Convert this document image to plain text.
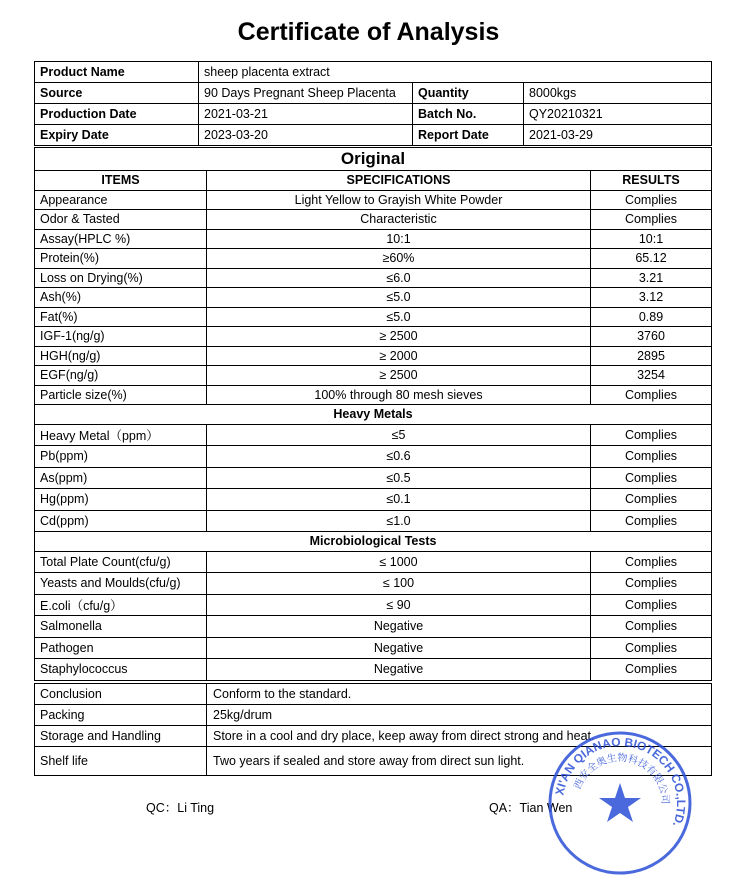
Certificate of Analysis
Product Name	sheep placenta extract		
Source	90 Days Pregnant Sheep Placenta	Quantity	8000kgs
Production Date	2021-03-21	Batch No.	QY20210321
Expiry Date	2023-03-20	Report Date	2021-03-29
Original		
ITEMS	SPECIFICATIONS	RESULTS
Appearance	Light Yellow to Grayish White Powder	Complies
Odor & Tasted	Characteristic	Complies
Assay(HPLC %)	10:1	10:1
Protein(%)	≥60%	65.12
Loss on Drying(%)	≤6.0	3.21
Ash(%)	≤5.0	3.12
Fat(%)	≤5.0	0.89
IGF-1(ng/g)	≥ 2500	3760
HGH(ng/g)	≥ 2000	2895
EGF(ng/g)	≥ 2500	3254
Particle size(%)	100% through 80 mesh sieves	Complies
Heavy Metals		
Heavy Metal（ppm）	≤5	Complies
Pb(ppm)	≤0.6	Complies
As(ppm)	≤0.5	Complies
Hg(ppm)	≤0.1	Complies
Cd(ppm)	≤1.0	Complies
Microbiological Tests		
Total Plate Count(cfu/g)	≤ 1000	Complies
Yeasts and Moulds(cfu/g)	≤ 100	Complies
E.coli（cfu/g）	≤ 90	Complies
Salmonella	Negative	Complies
Pathogen	Negative	Complies
Staphylococcus	Negative	Complies
Conclusion	Conform to the standard.
Packing	25kg/drum
Storage and Handling	Store in a cool and dry place, keep away from direct strong and heat.
Shelf life	Two years if sealed and store away from direct sun light.
QC：Li Ting	QA：Tian Wen
XI'AN QIANAO BIOTECH CO.,LTD.
西安全奥生物科技有限公司
